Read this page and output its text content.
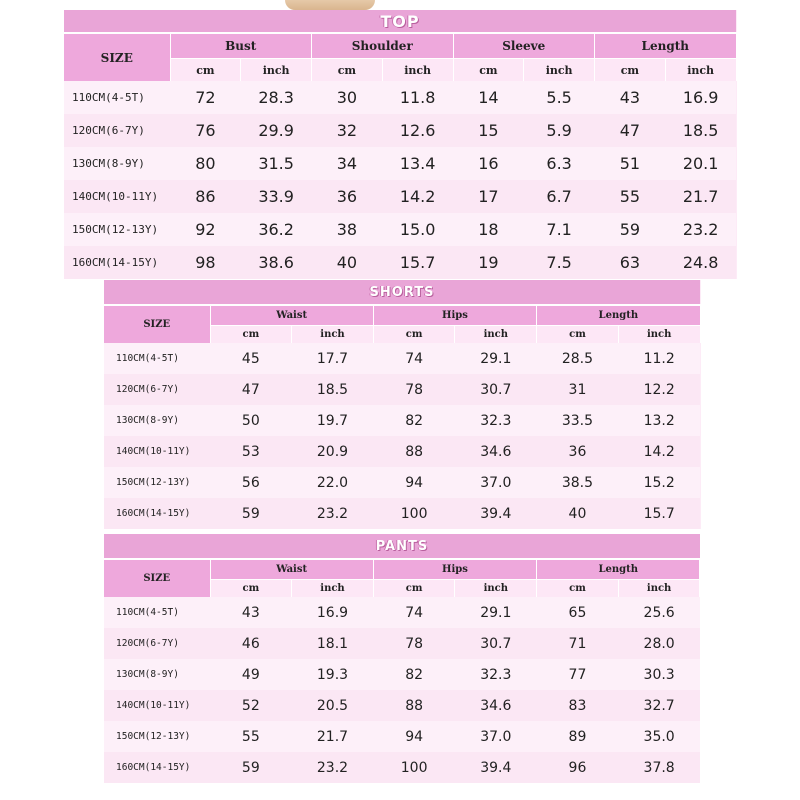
TOP								
SIZE	Bust		Shoulder		Sleeve		Length	
	cm	inch	cm	inch	cm	inch	cm	inch
110CM(4-5T)	72	28.3	30	11.8	14	5.5	43	16.9
120CM(6-7Y)	76	29.9	32	12.6	15	5.9	47	18.5
130CM(8-9Y)	80	31.5	34	13.4	16	6.3	51	20.1
140CM(10-11Y)	86	33.9	36	14.2	17	6.7	55	21.7
150CM(12-13Y)	92	36.2	38	15.0	18	7.1	59	23.2
160CM(14-15Y)	98	38.6	40	15.7	19	7.5	63	24.8
SHORTS						
SIZE	Waist		Hips		Length	
	cm	inch	cm	inch	cm	inch
110CM(4-5T)	45	17.7	74	29.1	28.5	11.2
120CM(6-7Y)	47	18.5	78	30.7	31	12.2
130CM(8-9Y)	50	19.7	82	32.3	33.5	13.2
140CM(10-11Y)	53	20.9	88	34.6	36	14.2
150CM(12-13Y)	56	22.0	94	37.0	38.5	15.2
160CM(14-15Y)	59	23.2	100	39.4	40	15.7
PANTS						
SIZE	Waist		Hips		Length	
	cm	inch	cm	inch	cm	inch
110CM(4-5T)	43	16.9	74	29.1	65	25.6
120CM(6-7Y)	46	18.1	78	30.7	71	28.0
130CM(8-9Y)	49	19.3	82	32.3	77	30.3
140CM(10-11Y)	52	20.5	88	34.6	83	32.7
150CM(12-13Y)	55	21.7	94	37.0	89	35.0
160CM(14-15Y)	59	23.2	100	39.4	96	37.8
